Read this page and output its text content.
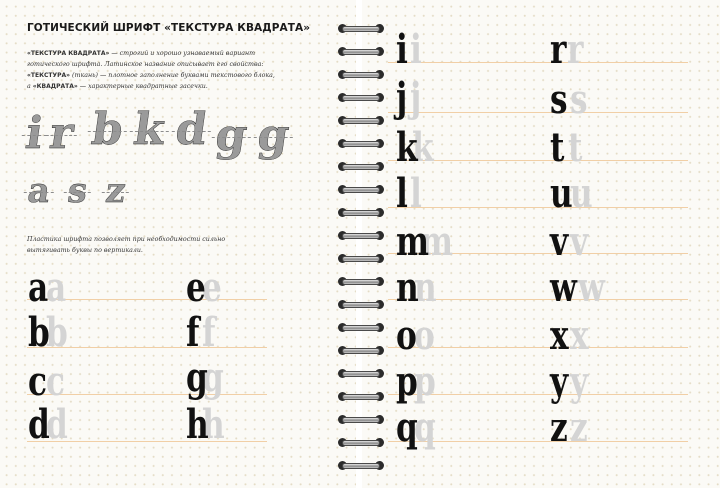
ГОТИЧЕСКИЙ ШРИФТ «ТЕКСТУРА КВАДРАТА»

«ТЕКСТУРА КВАДРАТА» — строгий и хорошо узнаваемый вариант
готического шрифта. Латинское название описывает его свойства:
«ТЕКСТУРА» (ткань) — плотное заполнение буквами текстового блока,
а «КВАДРАТА» — характерные квадратные засечки.

i r b k d g g
a s z

Пластика шрифта позволяет при необходимости сильно
вытягивать буквы по вертикали.

a
a
b
b
c
c
d
d
e
e
f
f
g
g
h
h
i
i
j
j
k
k
l
l
m
m
n
n
o
o
p
p
q
q
r
r
s
s
t
t
u
u
v
v
w
w
x
x
y
y
z
z
